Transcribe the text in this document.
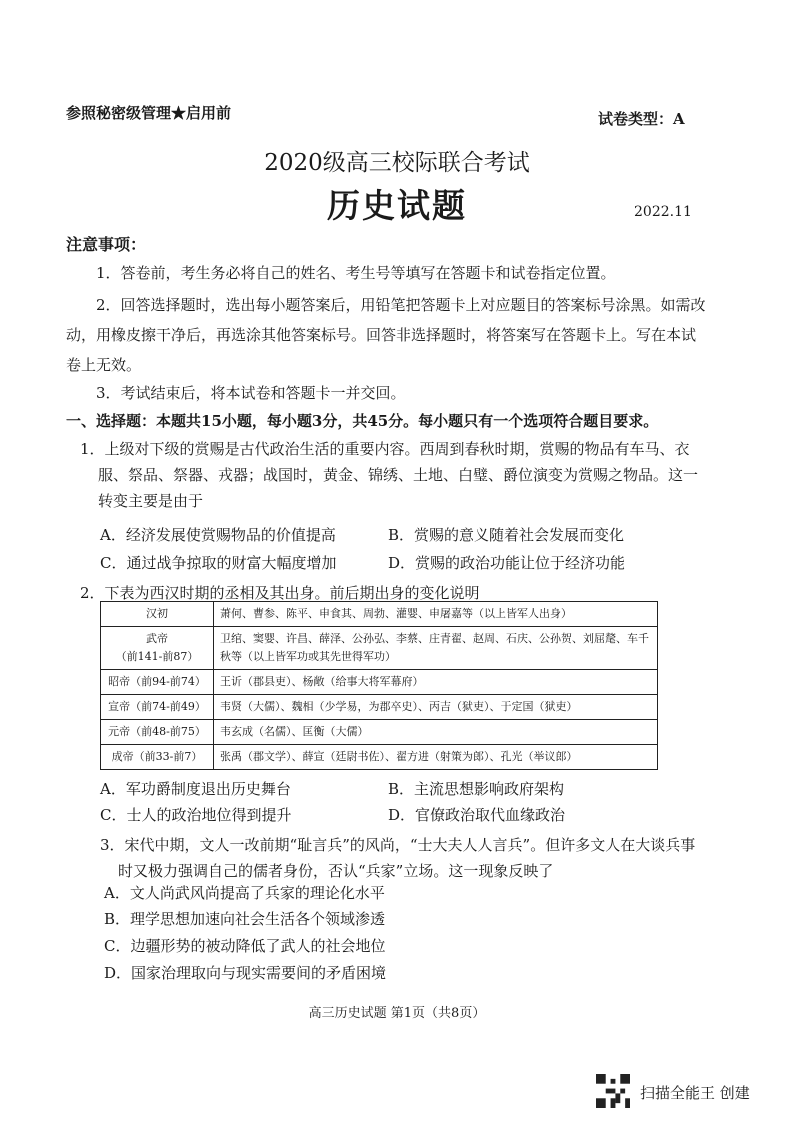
参照秘密级管理★启用前	试卷类型：A
2020级高三校际联合考试
历史试题	2022.11
注意事项：
1．答卷前，考生务必将自己的姓名、考生号等填写在答题卡和试卷指定位置。
2．回答选择题时，选出每小题答案后，用铅笔把答题卡上对应题目的答案标号涂黑。如需改动，用橡皮擦干净后，再选涂其他答案标号。回答非选择题时，将答案写在答题卡上。写在本试卷上无效。
3．考试结束后，将本试卷和答题卡一并交回。
一、选择题：本题共15小题，每小题3分，共45分。每小题只有一个选项符合题目要求。
1．上级对下级的赏赐是古代政治生活的重要内容。西周到春秋时期，赏赐的物品有车马、衣服、祭品、祭器、戎器；战国时，黄金、锦绣、土地、白璧、爵位演变为赏赐之物品。这一转变主要是由于
A．经济发展使赏赐物品的价值提高	B．赏赐的意义随着社会发展而变化
C．通过战争掠取的财富大幅度增加	D．赏赐的政治功能让位于经济功能
2．下表为西汉时期的丞相及其出身。前后期出身的变化说明
汉初	萧何、曹参、陈平、申食其、周勃、灌婴、申屠嘉等（以上皆军人出身）

武帝
（前141-前87）	卫绾、窦婴、许昌、薛泽、公孙弘、李蔡、庄青翟、赵周、石庆、公孙贺、刘屈氂、车千秋等（以上皆军功或其先世得军功）
昭帝（前94-前74）	王䜣（郡县吏）、杨敞（给事大将军幕府）
宣帝（前74-前49）	韦贤（大儒）、魏相（少学易，为郡卒史）、丙吉（狱吏）、于定国（狱吏）
元帝（前48-前75）	韦玄成（名儒）、匡衡（大儒）
成帝（前33-前7）	张禹（郡文学）、薛宣（廷尉书佐）、翟方进（射策为郎）、孔光（举议郎）
A．军功爵制度退出历史舞台	B．主流思想影响政府架构
C．士人的政治地位得到提升	D．官僚政治取代血缘政治
3．宋代中期，文人一改前期“耻言兵”的风尚，“士大夫人人言兵”。但许多文人在大谈兵事时又极力强调自己的儒者身份，否认“兵家”立场。这一现象反映了
A．文人尚武风尚提高了兵家的理论化水平
B．理学思想加速向社会生活各个领域渗透
C．边疆形势的被动降低了武人的社会地位
D．国家治理取向与现实需要间的矛盾困境
高三历史试题 第1页（共8页）
扫描全能王 创建
